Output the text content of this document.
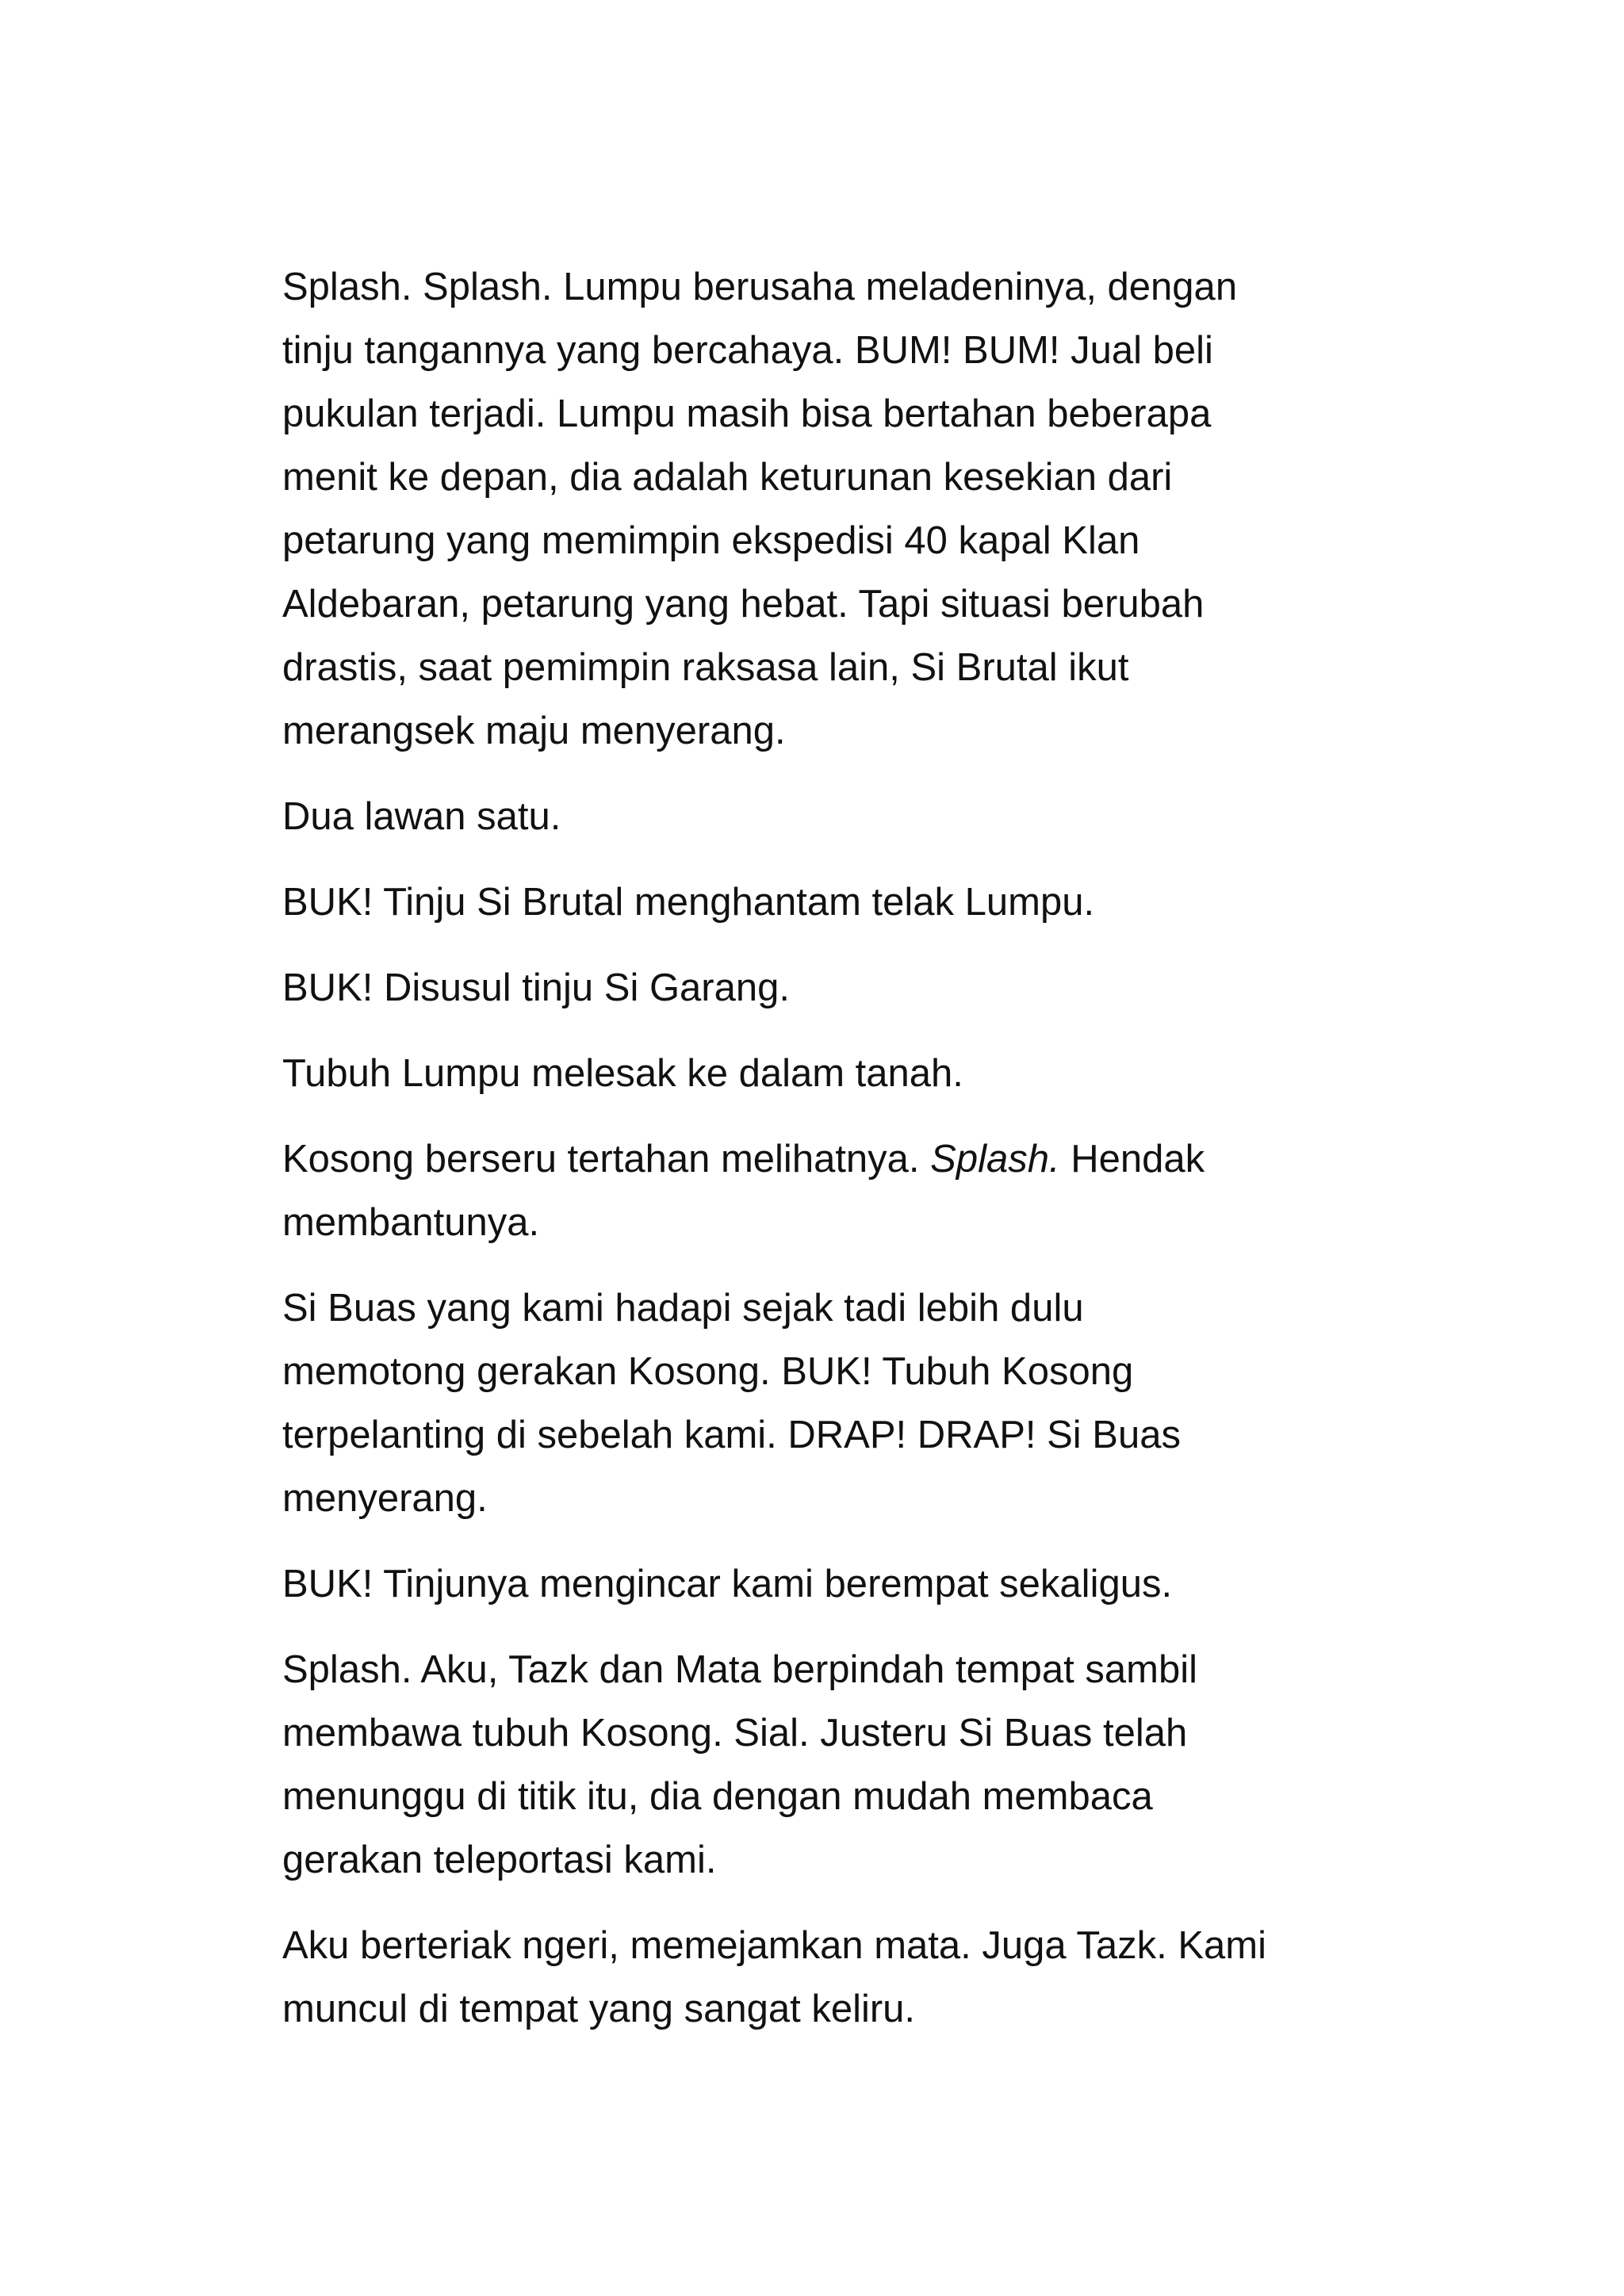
Splash. Splash. Lumpu berusaha meladeninya, dengan
tinju tangannya yang bercahaya. BUM! BUM! Jual beli
pukulan terjadi. Lumpu masih bisa bertahan beberapa
menit ke depan, dia adalah keturunan kesekian dari
petarung yang memimpin ekspedisi 40 kapal Klan
Aldebaran, petarung yang hebat. Tapi situasi berubah
drastis, saat pemimpin raksasa lain, Si Brutal ikut
merangsek maju menyerang.

Dua lawan satu.

BUK! Tinju Si Brutal menghantam telak Lumpu.

BUK! Disusul tinju Si Garang.

Tubuh Lumpu melesak ke dalam tanah.

Kosong berseru tertahan melihatnya. Splash. Hendak
membantunya.

Si Buas yang kami hadapi sejak tadi lebih dulu
memotong gerakan Kosong. BUK! Tubuh Kosong
terpelanting di sebelah kami. DRAP! DRAP! Si Buas
menyerang.

BUK! Tinjunya mengincar kami berempat sekaligus.

Splash. Aku, Tazk dan Mata berpindah tempat sambil
membawa tubuh Kosong. Sial. Justeru Si Buas telah
menunggu di titik itu, dia dengan mudah membaca
gerakan teleportasi kami.

Aku berteriak ngeri, memejamkan mata. Juga Tazk. Kami
muncul di tempat yang sangat keliru.
